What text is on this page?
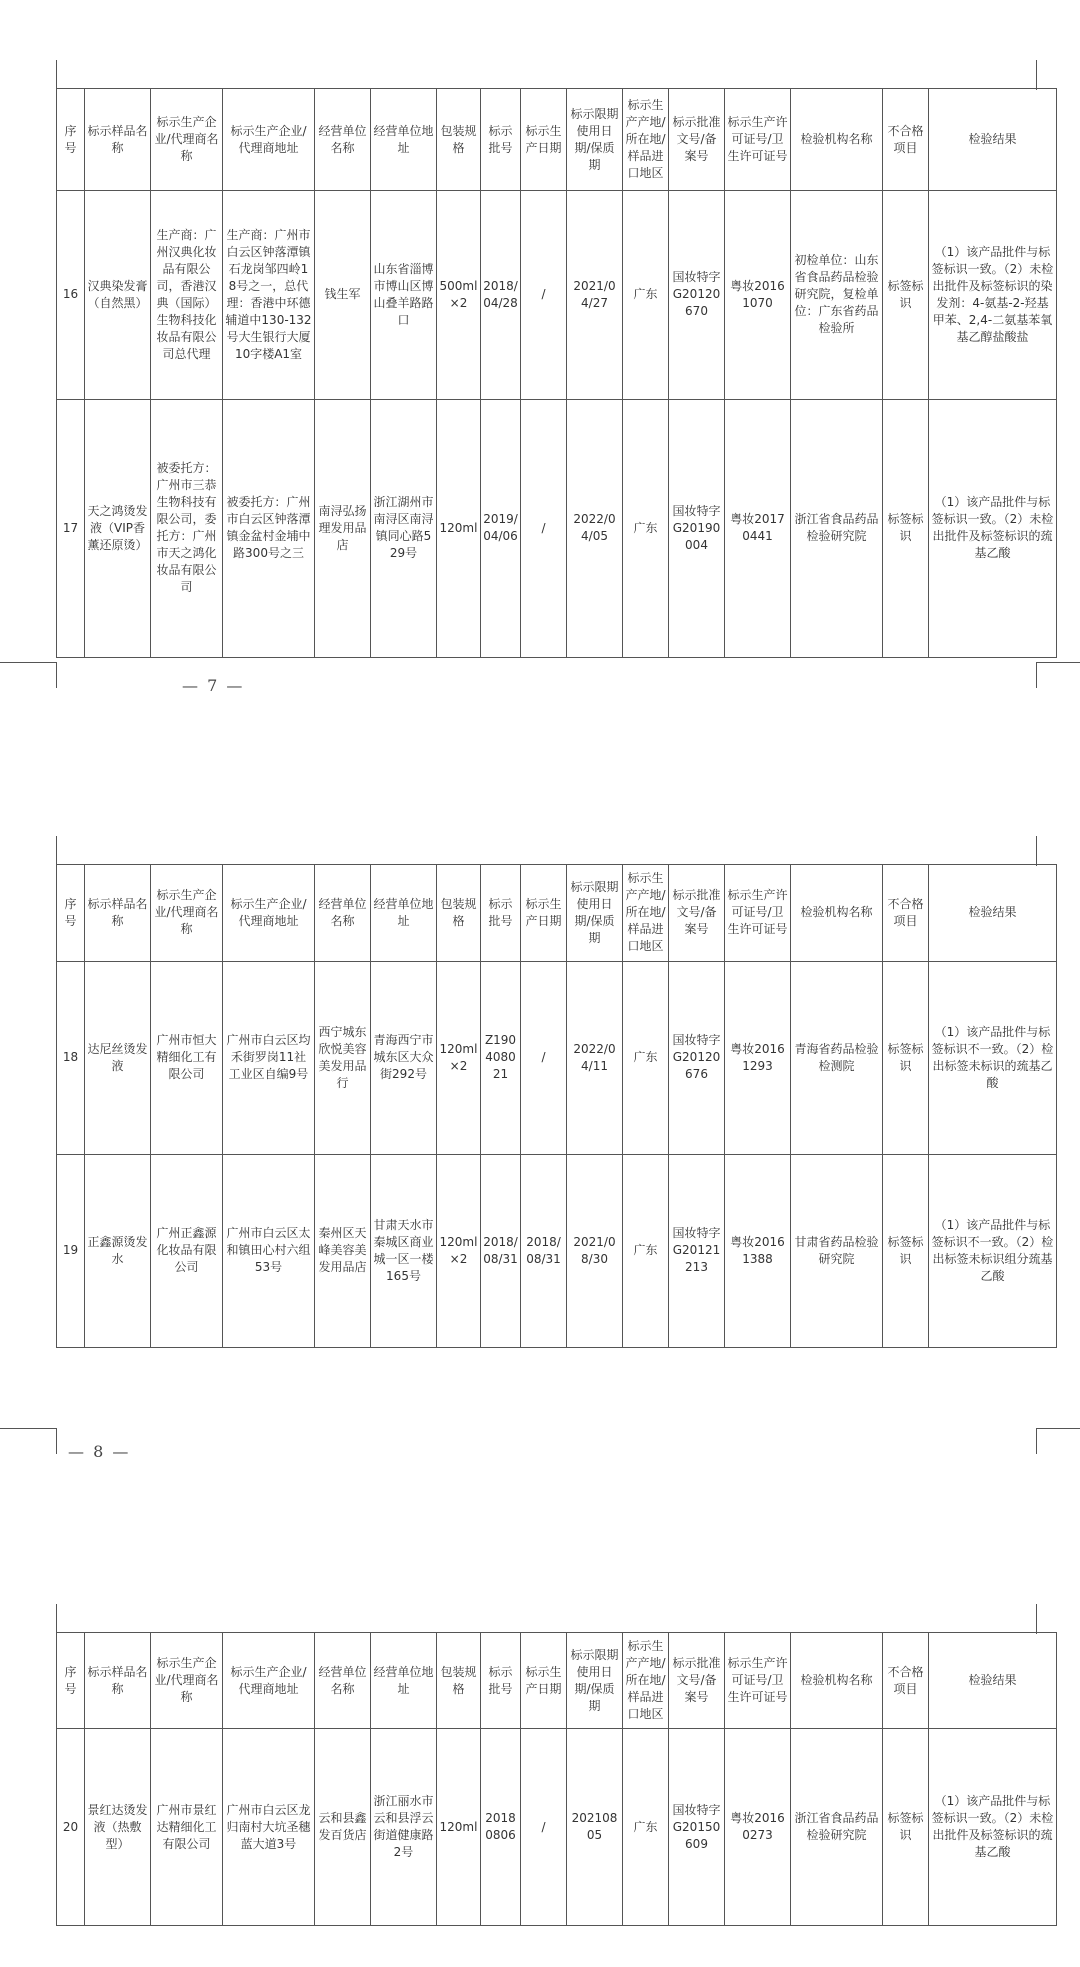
序号	标示样品名称	标示生产企业/代理商名称	标示生产企业/代理商地址	经营单位名称	经营单位地址	包装规格	标示批号	标示生产日期	标示限期使用日期/保质期	标示生产产地/所在地/样品进口地区	标示批准文号/备案号	标示生产许可证号/卫生许可证号	检验机构名称	不合格项目	检验结果
16	汉典染发膏（自然黑）	生产商：广州汉典化妆品有限公司，香港汉典（国际）生物科技化妆品有限公司总代理	生产商：广州市白云区钟落潭镇石龙岗邹四岭18号之一，总代理：香港中环德辅道中130-132号大生银行大厦10字楼A1室	钱生军	山东省淄博市博山区博山叠羊路路口	500ml×2	2018/04/28	/	2021/04/27	广东	国妆特字G20120670	粤妆20161070	初检单位：山东省食品药品检验研究院，复检单位：广东省药品检验所	标签标识	（1）该产品批件与标签标识一致。（2）未检出批件及标签标识的染发剂：4-氨基-2-羟基甲苯、2,4-二氨基苯氧基乙醇盐酸盐
17	天之鸿烫发液（VIP香薰还原烫）	被委托方：广州市三恭生物科技有限公司，委托方：广州市天之鸿化妆品有限公司	被委托方：广州市白云区钟落潭镇金盆村金埔中路300号之三	南浔弘扬理发用品店	浙江湖州市南浔区南浔镇同心路529号	120ml	2019/04/06	/	2022/04/05	广东	国妆特字G20190004	粤妆20170441	浙江省食品药品检验研究院	标签标识	（1）该产品批件与标签标识一致。（2）未检出批件及标签标识的巯基乙酸
— 7 —
序号	标示样品名称	标示生产企业/代理商名称	标示生产企业/代理商地址	经营单位名称	经营单位地址	包装规格	标示批号	标示生产日期	标示限期使用日期/保质期	标示生产产地/所在地/样品进口地区	标示批准文号/备案号	标示生产许可证号/卫生许可证号	检验机构名称	不合格项目	检验结果
18	达尼丝烫发液	广州市恒大精细化工有限公司	广州市白云区均禾街罗岗11社工业区自编9号	西宁城东欣悦美容美发用品行	青海西宁市城东区大众街292号	120ml×2	Z190408021	/	2022/04/11	广东	国妆特字G20120676	粤妆20161293	青海省药品检验检测院	标签标识	（1）该产品批件与标签标识不一致。（2）检出标签未标识的巯基乙酸
19	正鑫源烫发水	广州正鑫源化妆品有限公司	广州市白云区太和镇田心村六组53号	秦州区天峰美容美发用品店	甘肃天水市秦城区商业城一区一楼165号	120ml×2	2018/08/31	2018/08/31	2021/08/30	广东	国妆特字G20121213	粤妆20161388	甘肃省药品检验研究院	标签标识	（1）该产品批件与标签标识不一致。（2）检出标签未标识组分巯基乙酸
— 8 —
序号	标示样品名称	标示生产企业/代理商名称	标示生产企业/代理商地址	经营单位名称	经营单位地址	包装规格	标示批号	标示生产日期	标示限期使用日期/保质期	标示生产产地/所在地/样品进口地区	标示批准文号/备案号	标示生产许可证号/卫生许可证号	检验机构名称	不合格项目	检验结果
20	景红达烫发液（热敷型）	广州市景红达精细化工有限公司	广州市白云区龙归南村大坑圣穗蓝大道3号	云和县鑫发百货店	浙江丽水市云和县浮云街道健康路2号	120ml	20180806	/	20210805	广东	国妆特字G20150609	粤妆20160273	浙江省食品药品检验研究院	标签标识	（1）该产品批件与标签标识一致。（2）未检出批件及标签标识的巯基乙酸
